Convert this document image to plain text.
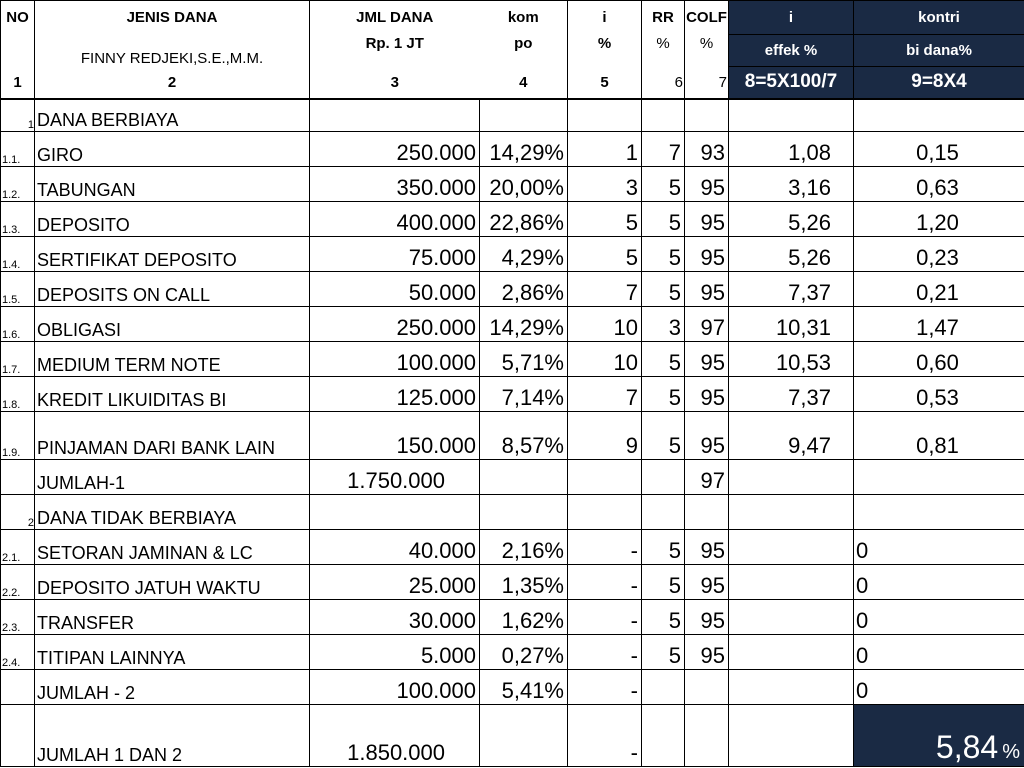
NO	JENIS DANA	JML DANA	kom	i	RR	COLF	i	kontri
	FINNY REDJEKI,S.E.,M.M.	Rp. 1 JT	po	%	%	%	effek %	bi dana%
1	2	3	4	5	6	7	8=5X100/7	9=8X4
1	DANA BERBIAYA							
1.1.	GIRO	250.000	14,29%	1	7	93	1,08	0,15
1.2.	TABUNGAN	350.000	20,00%	3	5	95	3,16	0,63
1.3.	DEPOSITO	400.000	22,86%	5	5	95	5,26	1,20
1.4.	SERTIFIKAT DEPOSITO	75.000	4,29%	5	5	95	5,26	0,23
1.5.	DEPOSITS ON CALL	50.000	2,86%	7	5	95	7,37	0,21
1.6.	OBLIGASI	250.000	14,29%	10	3	97	10,31	1,47
1.7.	MEDIUM TERM NOTE	100.000	5,71%	10	5	95	10,53	0,60
1.8.	KREDIT LIKUIDITAS BI	125.000	7,14%	7	5	95	7,37	0,53
1.9.	PINJAMAN DARI BANK LAIN	150.000	8,57%	9	5	95	9,47	0,81
	JUMLAH-1	1.750.000				97		
2	DANA TIDAK BERBIAYA							
2.1.	SETORAN JAMINAN & LC	40.000	2,16%	-	5	95		0
2.2.	DEPOSITO JATUH WAKTU	25.000	1,35%	-	5	95		0
2.3.	TRANSFER	30.000	1,62%	-	5	95		0
2.4.	TITIPAN LAINNYA	5.000	0,27%	-	5	95		0
	JUMLAH - 2	100.000	5,41%	-				0
	JUMLAH 1 DAN 2	1.850.000		-				5,84 %
